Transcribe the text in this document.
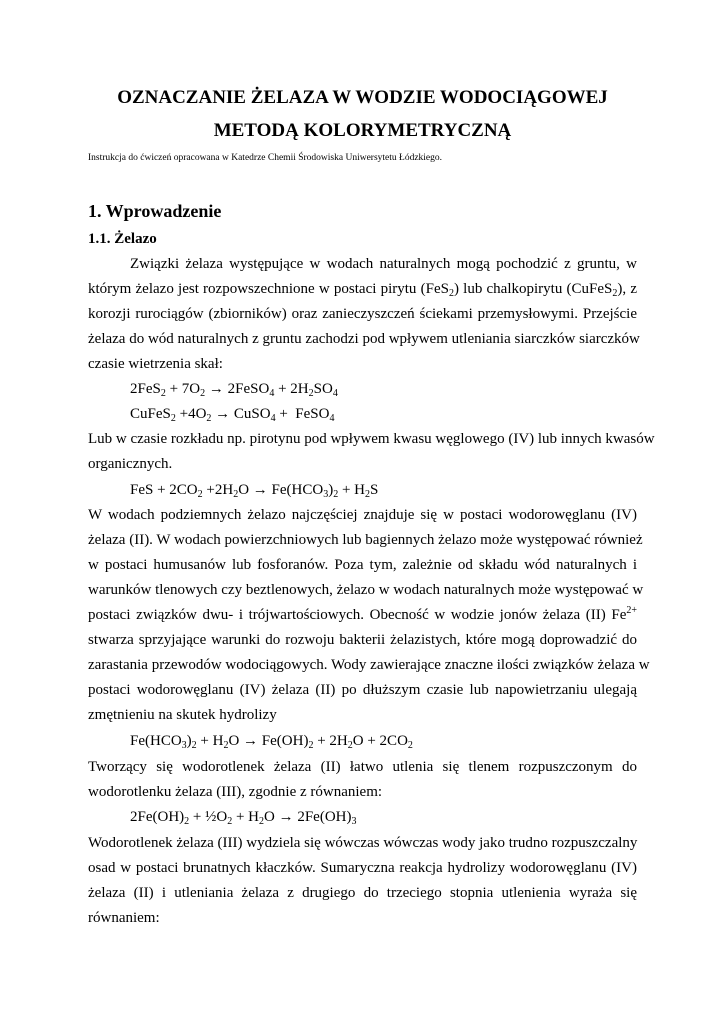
OZNACZANIE ŻELAZA W WODZIE WODOCIĄGOWEJ
METODĄ KOLORYMETRYCZNĄ

Instrukcja do ćwiczeń opracowana w Katedrze Chemii Środowiska Uniwersytetu Łódzkiego.

1. Wprowadzenie
1.1. Żelazo

Związki żelaza występujące w wodach naturalnych mogą pochodzić z gruntu, w

którym żelazo jest rozpowszechnione w postaci pirytu (FeS$_2$) lub chalkopirytu (CuFeS$_2$), z

korozji rurociągów (zbiorników) oraz zanieczyszczeń ściekami przemysłowymi. Przejście

żelaza do wód naturalnych z gruntu zachodzi pod wpływem utleniania siarczków siarczków

czasie wietrzenia skał:

$2FeS_2 + 7O_2$ → 2FeSO$_4$ + $2H_2SO_4$

CuFeS$_2$ $+4O_2$ → CuSO$_4$ +  FeSO$_4$

Lub w czasie rozkładu np. pirotynu pod wpływem kwasu węglowego (IV) lub innych kwasów

organicznych.

FeS + $2CO_2 +2H_2O \to Fe(HCO_3)_2 + H_2S$

W wodach podziemnych żelazo najczęściej znajduje się w postaci wodorowęglanu (IV)

żelaza (II). W wodach powierzchniowych lub bagiennych żelazo może występować również

w postaci humusanów lub fosforanów. Poza tym, zależnie od składu wód naturalnych i

warunków tlenowych czy beztlenowych, żelazo w wodach naturalnych może występować w

postaci związków dwu- i trójwartościowych. Obecność w wodzie jonów żelaza (II) $Fe^{2+}$

stwarza sprzyjające warunki do rozwoju bakterii żelazistych, które mogą doprowadzić do

zarastania przewodów wodociągowych. Wody zawierające znaczne ilości związków żelaza w

postaci wodorowęglanu (IV) żelaza (II) po dłuższym czasie lub napowietrzaniu ulegają

zmętnieniu na skutek hydrolizy

$Fe(HCO_3)_2 + H_2O \to Fe(OH)_2 + 2H_2O + 2CO_2$

Tworzący się wodorotlenek żelaza (II) łatwo utlenia się tlenem rozpuszczonym do

wodorotlenku żelaza (III), zgodnie z równaniem:

$2Fe(OH)_2$ + $\frac{1}{2}O_2 + H_2O \to 2Fe(OH)_3$

Wodorotlenek żelaza (III) wydziela się wówczas wówczas wody jako trudno rozpuszczalny

osad w postaci brunatnych kłaczków. Sumaryczna reakcja hydrolizy wodorowęglanu (IV)

żelaza (II) i utleniania żelaza z drugiego do trzeciego stopnia utlenienia wyraża się

równaniem:
